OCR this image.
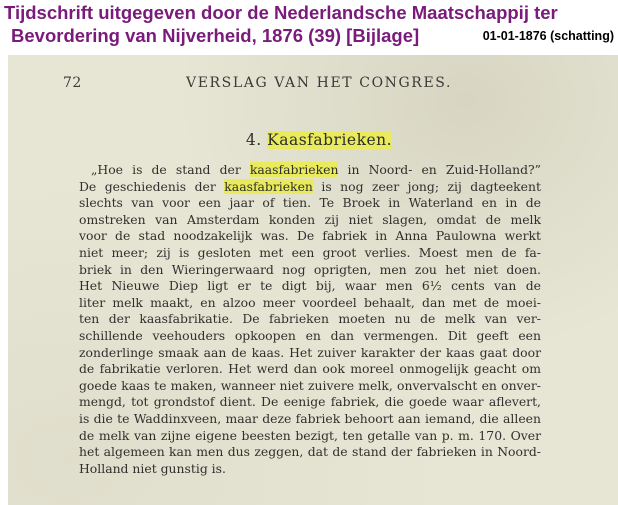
Tijdschrift uitgegeven door de Nederlandsche Maatschappij ter
Bevordering van Nijverheid, 1876 (39) [Bijlage]	01-01-1876 (schatting)

72	VERSLAG VAN HET CONGRES.
4. Kaasfabrieken.
„Hoe is de stand der kaasfabrieken in Noord- en Zuid-Holland?”
De geschiedenis der kaasfabrieken is nog zeer jong; zij dagteekent
slechts van voor een jaar of tien. Te Broek in Waterland en in de
omstreken van Amsterdam konden zij niet slagen, omdat de melk
voor de stad noodzakelijk was. De fabriek in Anna Paulowna werkt
niet meer; zij is gesloten met een groot verlies. Moest men de fa-
briek in den Wieringerwaard nog oprigten, men zou het niet doen.
Het Nieuwe Diep ligt er te digt bij, waar men 6½ cents van de
liter melk maakt, en alzoo meer voordeel behaalt, dan met de moei-
ten der kaasfabrikatie. De fabrieken moeten nu de melk van ver-
schillende veehouders opkoopen en dan vermengen. Dit geeft een
zonderlinge smaak aan de kaas. Het zuiver karakter der kaas gaat door
de fabrikatie verloren. Het werd dan ook moreel onmogelijk geacht om
goede kaas te maken, wanneer niet zuivere melk, onvervalscht en onver-
mengd, tot grondstof dient. De eenige fabriek, die goede waar aflevert,
is die te Waddinxveen, maar deze fabriek behoort aan iemand, die alleen
de melk van zijne eigene beesten bezigt, ten getalle van p. m. 170. Over
het algemeen kan men dus zeggen, dat de stand der fabrieken in Noord-
Holland niet gunstig is.
